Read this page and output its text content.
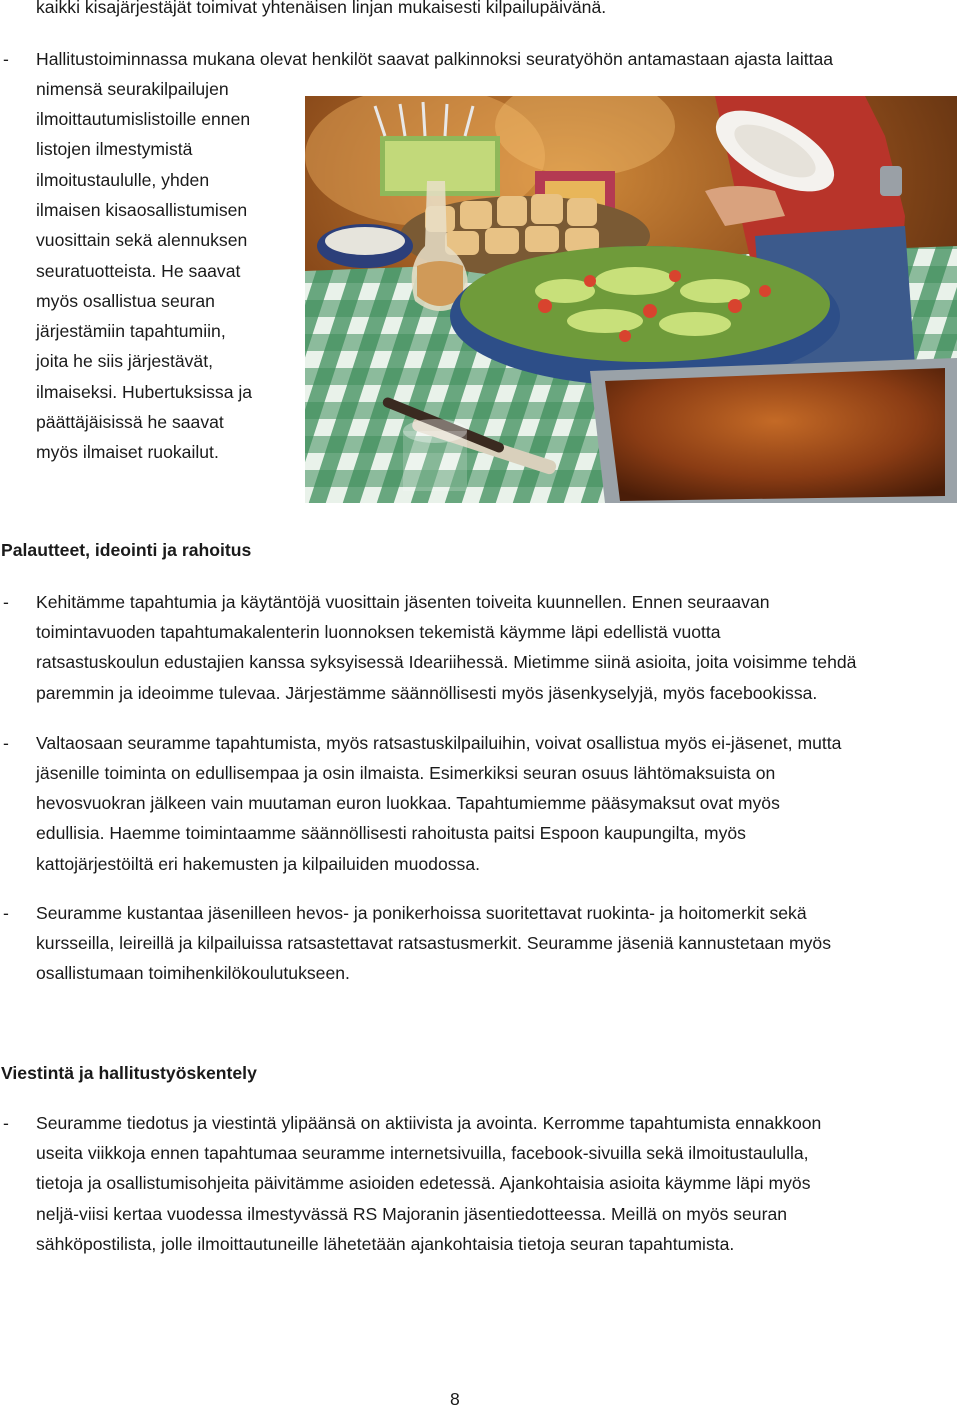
kaikki kisajärjestäjät toimivat yhtenäisen linjan mukaisesti kilpailupäivänä.
- Hallitustoiminnassa mukana olevat henkilöt saavat palkinnoksi seuratyöhön antamastaan ajasta laittaa
nimensä seurakilpailujen
ilmoittautumislistoille ennen
listojen ilmestymistä
ilmoitustaululle, yhden
ilmaisen kisaosallistumisen
vuosittain sekä alennuksen
seuratuotteista. He saavat
myös osallistua seuran
järjestämiin tapahtumiin,
joita he siis järjestävät,
ilmaiseksi. Hubertuksissa ja
päättäjäisissä he saavat
myös ilmaiset ruokailut.
Palautteet, ideointi ja rahoitus
- Kehitämme tapahtumia ja käytäntöjä vuosittain jäsenten toiveita kuunnellen. Ennen seuraavan
toimintavuoden tapahtumakalenterin luonnoksen tekemistä käymme läpi edellistä vuotta
ratsastuskoulun edustajien kanssa syksyisessä Ideariihessä. Mietimme siinä asioita, joita voisimme tehdä
paremmin ja ideoimme tulevaa. Järjestämme säännöllisesti myös jäsenkyselyjä, myös facebookissa.
- Valtaosaan seuramme tapahtumista, myös ratsastuskilpailuihin, voivat osallistua myös ei-jäsenet, mutta
jäsenille toiminta on edullisempaa ja osin ilmaista. Esimerkiksi seuran osuus lähtömaksuista on
hevosvuokran jälkeen vain muutaman euron luokkaa. Tapahtumiemme pääsymaksut ovat myös
edullisia. Haemme toimintaamme säännöllisesti rahoitusta paitsi Espoon kaupungilta, myös
kattojärjestöiltä eri hakemusten ja kilpailuiden muodossa.
- Seuramme kustantaa jäsenilleen hevos- ja ponikerhoissa suoritettavat ruokinta- ja hoitomerkit sekä
kursseilla, leireillä ja kilpailuissa ratsastettavat ratsastusmerkit. Seuramme jäseniä kannustetaan myös
osallistumaan toimihenkilökoulutukseen.
Viestintä ja hallitustyöskentely
- Seuramme tiedotus ja viestintä ylipäänsä on aktiivista ja avointa. Kerromme tapahtumista ennakkoon
useita viikkoja ennen tapahtumaa seuramme internetsivuilla, facebook-sivuilla sekä ilmoitustaululla,
tietoja ja osallistumisohjeita päivitämme asioiden edetessä. Ajankohtaisia asioita käymme läpi myös
neljä-viisi kertaa vuodessa ilmestyvässä RS Majoranin jäsentiedotteessa. Meillä on myös seuran
sähköpostilista, jolle ilmoittautuneille lähetetään ajankohtaisia tietoja seuran tapahtumista.
8
